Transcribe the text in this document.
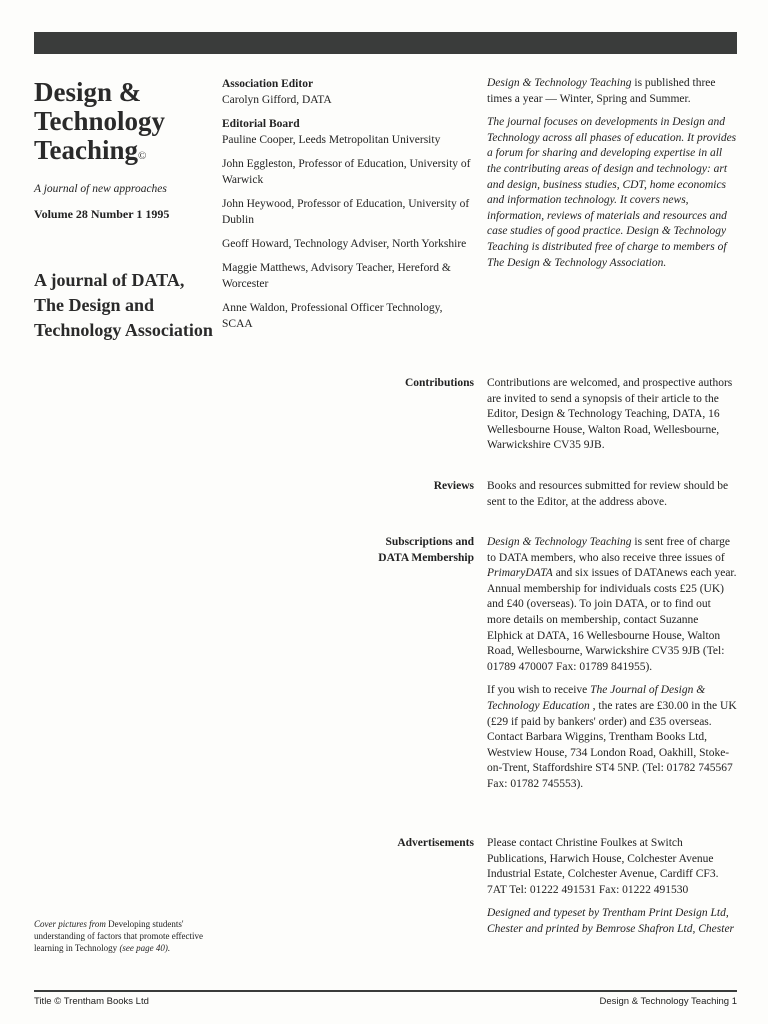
Design &
Technology
Teaching©
A journal of new approaches
Volume 28 Number 1 1995
A journal of DATA, The Design and Technology Association
Association Editor
Carolyn Gifford, DATA
Editorial Board
Pauline Cooper, Leeds Metropolitan University
John Eggleston, Professor of Education, University of Warwick
John Heywood, Professor of Education, University of Dublin
Geoff Howard, Technology Adviser, North Yorkshire
Maggie Matthews, Advisory Teacher, Hereford & Worcester
Anne Waldon, Professional Officer Technology, SCAA

Design & Technology Teaching is published three times a year — Winter, Spring and Summer.

The journal focuses on developments in Design and Technology across all phases of education. It provides a forum for sharing and developing expertise in all the contributing areas of design and technology: art and design, business studies, CDT, home economics and information technology. It covers news, information, reviews of materials and resources and case studies of good practice. Design & Technology Teaching is distributed free of charge to members of The Design & Technology Association.

Contributions Contributions are welcomed, and prospective authors are invited to send a synopsis of their article to the Editor, Design & Technology Teaching, DATA, 16 Wellesbourne House, Walton Road, Wellesbourne, Warwickshire CV35 9JB.

Reviews Books and resources submitted for review should be sent to the Editor, at the address above.

Subscriptions and
DATA Membership

Design & Technology Teaching is sent free of charge to DATA members, who also receive three issues of PrimaryDATA and six issues of DATAnews each year. Annual membership for individuals costs £25 (UK) and £40 (overseas). To join DATA, or to find out more details on membership, contact Suzanne Elphick at DATA, 16 Wellesbourne House, Walton Road, Wellesbourne, Warwickshire CV35 9JB (Tel: 01789 470007 Fax: 01789 841955).

If you wish to receive The Journal of Design & Technology Education , the rates are £30.00 in the UK (£29 if paid by bankers' order) and £35 overseas. Contact Barbara Wiggins, Trentham Books Ltd, Westview House, 734 London Road, Oakhill, Stoke-on-Trent, Staffordshire ST4 5NP. (Tel: 01782 745567 Fax: 01782 745553).

Advertisements Please contact Christine Foulkes at Switch Publications, Harwich House, Colchester Avenue Industrial Estate, Colchester Avenue, Cardiff CF3. 7AT Tel: 01222 491531 Fax: 01222 491530

Designed and typeset by Trentham Print Design Ltd, Chester and printed by Bemrose Shafron Ltd, Chester

Cover pictures from Developing students' understanding of factors that promote effective learning in Technology (see page 40).
Title © Trentham Books Ltd	Design & Technology Teaching 1
